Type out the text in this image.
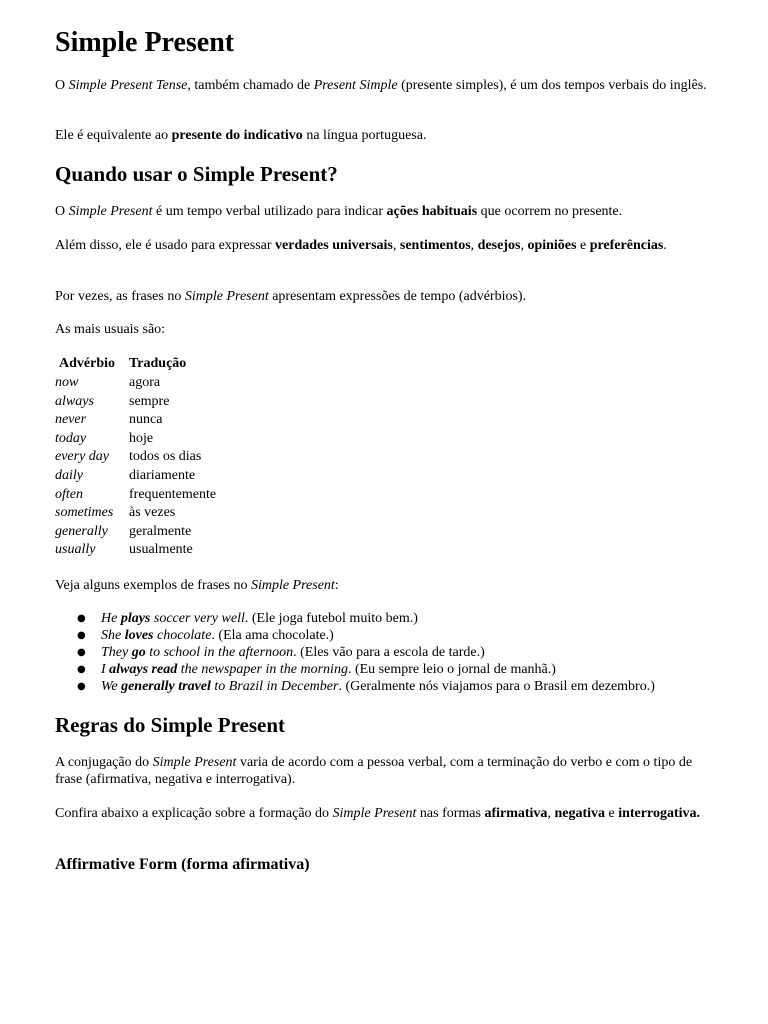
Simple Present

O Simple Present Tense, também chamado de Present Simple (presente simples), é um dos tempos verbais do inglês.

Ele é equivalente ao presente do indicativo na língua portuguesa.

Quando usar o Simple Present?

O Simple Present é um tempo verbal utilizado para indicar ações habituais que ocorrem no presente.

Além disso, ele é usado para expressar verdades universais, sentimentos, desejos, opiniões e preferências.

Por vezes, as frases no Simple Present apresentam expressões de tempo (advérbios).

As mais usuais são:

Advérbio	Tradução
now	agora
always	sempre
never	nunca
today	hoje
every day	todos os dias
daily	diariamente
often	frequentemente
sometimes	às vezes
generally	geralmente
usually	usualmente

Veja alguns exemplos de frases no Simple Present:

● He plays soccer very well. (Ele joga futebol muito bem.)
● She loves chocolate. (Ela ama chocolate.)
● They go to school in the afternoon. (Eles vão para a escola de tarde.)
● I always read the newspaper in the morning. (Eu sempre leio o jornal de manhã.)
● We generally travel to Brazil in December. (Geralmente nós viajamos para o Brasil em dezembro.)
Regras do Simple Present

A conjugação do Simple Present varia de acordo com a pessoa verbal, com a terminação do verbo e com o tipo de frase (afirmativa, negativa e interrogativa).

Confira abaixo a explicação sobre a formação do Simple Present nas formas afirmativa, negativa e interrogativa.

Affirmative Form (forma afirmativa)
